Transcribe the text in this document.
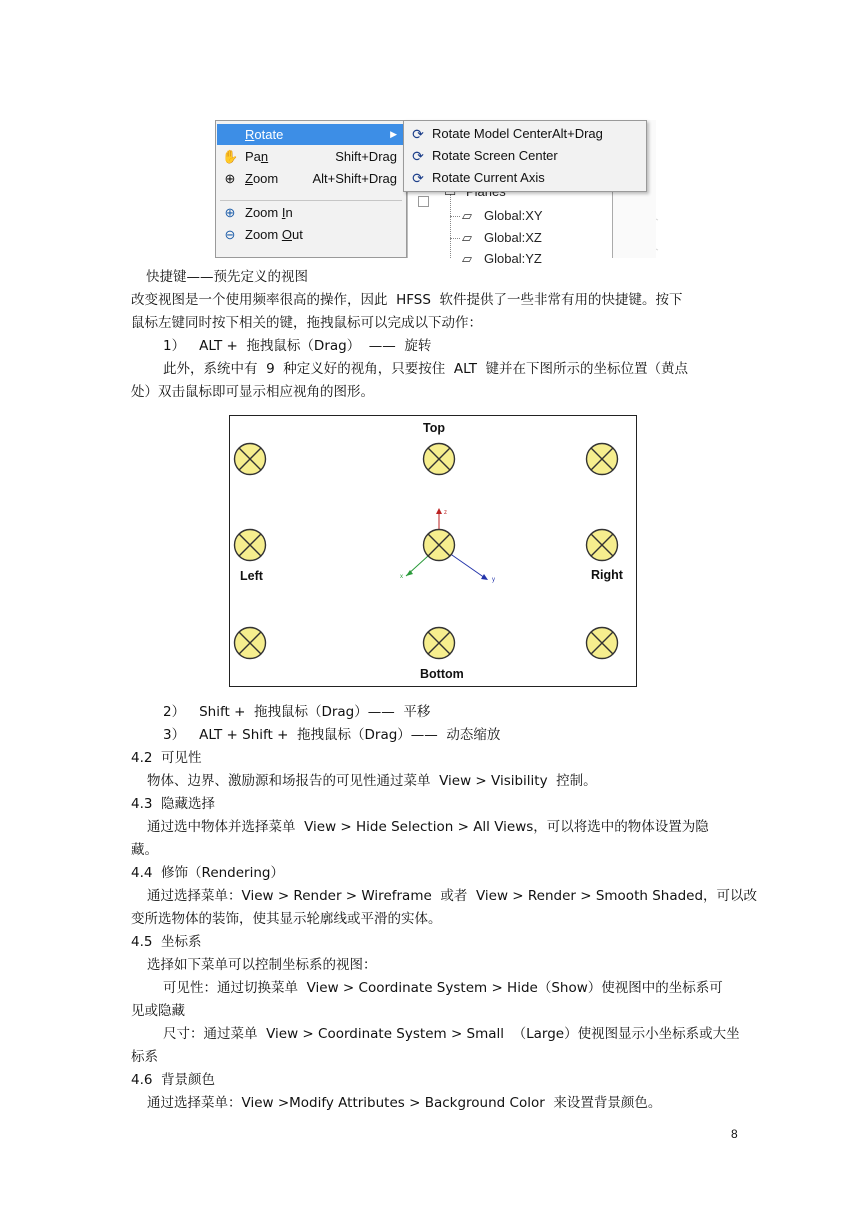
▱ Global:XY
▱ Global:XZ
▱ Global:YZ
Rotate	▶
✋ Pan	Shift+Drag
⊕ Zoom	Alt+Shift+Drag
⊕ Zoom In
⊖ Zoom Out
⟳ Rotate Model CenterAlt+Drag
⟳ Rotate Screen Center
⟳ Rotate Current Axis
快捷键——预先定义的视图
改变视图是一个使用频率很高的操作，因此  HFSS  软件提供了一些非常有用的快捷键。按下
鼠标左键同时按下相关的键，拖拽鼠标可以完成以下动作：
1） ALT +  拖拽鼠标（Drag）  ——  旋转
此外，系统中有  9  种定义好的视角，只要按住  ALT  键并在下图所示的坐标位置（黄点
处）双击鼠标即可显示相应视角的图形。
Top
Left	Right
Bottom
z
x	y
2） Shift +  拖拽鼠标（Drag）——  平移
3） ALT + Shift +  拖拽鼠标（Drag）——  动态缩放
4.2  可见性
物体、边界、激励源和场报告的可见性通过菜单  View > Visibility  控制。
4.3  隐藏选择
通过选中物体并选择菜单  View > Hide Selection > All Views，可以将选中的物体设置为隐
藏。
4.4  修饰（Rendering）
通过选择菜单：View > Render > Wireframe  或者  View > Render > Smooth Shaded，可以改
变所选物体的装饰，使其显示轮廓线或平滑的实体。
4.5  坐标系
选择如下菜单可以控制坐标系的视图：
可见性：通过切换菜单  View > Coordinate System > Hide（Show）使视图中的坐标系可
见或隐藏
尺寸：通过菜单  View > Coordinate System > Small  （Large）使视图显示小坐标系或大坐
标系
4.6  背景颜色
通过选择菜单：View >Modify Attributes > Background Color  来设置背景颜色。
8
